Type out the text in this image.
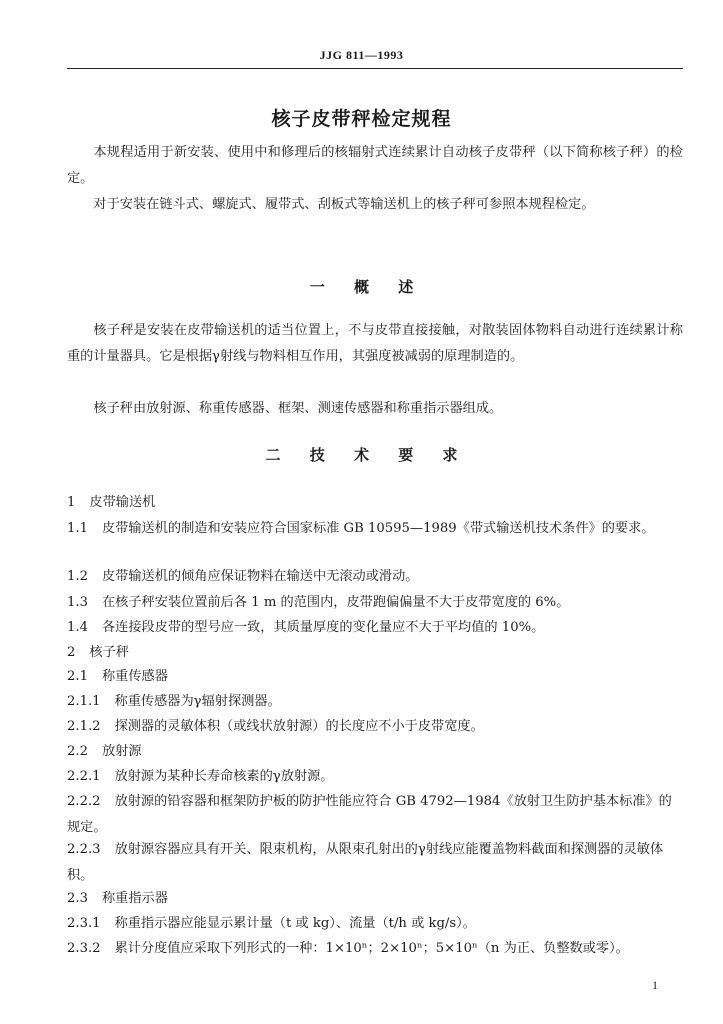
JJG 811—1993
核子皮带秤检定规程

本规程适用于新安装、使用中和修理后的核辐射式连续累计自动核子皮带秤（以下简称核子秤）的检定。

对于安装在链斗式、螺旋式、履带式、刮板式等输送机上的核子秤可参照本规程检定。

一 概 述

核子秤是安装在皮带输送机的适当位置上，不与皮带直接接触，对散装固体物料自动进行连续累计称重的计量器具。它是根据γ射线与物料相互作用，其强度被减弱的原理制造的。

核子秤由放射源、称重传感器、框架、测速传感器和称重指示器组成。

二 技 术 要 求
1 皮带输送机
1.1 皮带输送机的制造和安装应符合国家标准 GB 10595—1989《带式输送机技术条件》的要求。
1.2 皮带输送机的倾角应保证物料在输送中无滚动或滑动。
1.3 在核子秤安装位置前后各 1 m 的范围内，皮带跑偏偏量不大于皮带宽度的 6%。
1.4 各连接段皮带的型号应一致，其质量厚度的变化量应不大于平均值的 10%。
2 核子秤
2.1 称重传感器
2.1.1 称重传感器为γ辐射探测器。
2.1.2 探测器的灵敏体积（或线状放射源）的长度应不小于皮带宽度。
2.2 放射源
2.2.1 放射源为某种长寿命核素的γ放射源。
2.2.2 放射源的铅容器和框架防护板的防护性能应符合 GB 4792—1984《放射卫生防护基本标准》的规定。
2.2.3 放射源容器应具有开关、限束机构，从限束孔射出的γ射线应能覆盖物料截面和探测器的灵敏体积。
2.3 称重指示器
2.3.1 称重指示器应能显示累计量（t 或 kg）、流量（t/h 或 kg/s）。
2.3.2 累计分度值应采取下列形式的一种：1×10ⁿ；2×10ⁿ；5×10ⁿ（n 为正、负整数或零）。
1
